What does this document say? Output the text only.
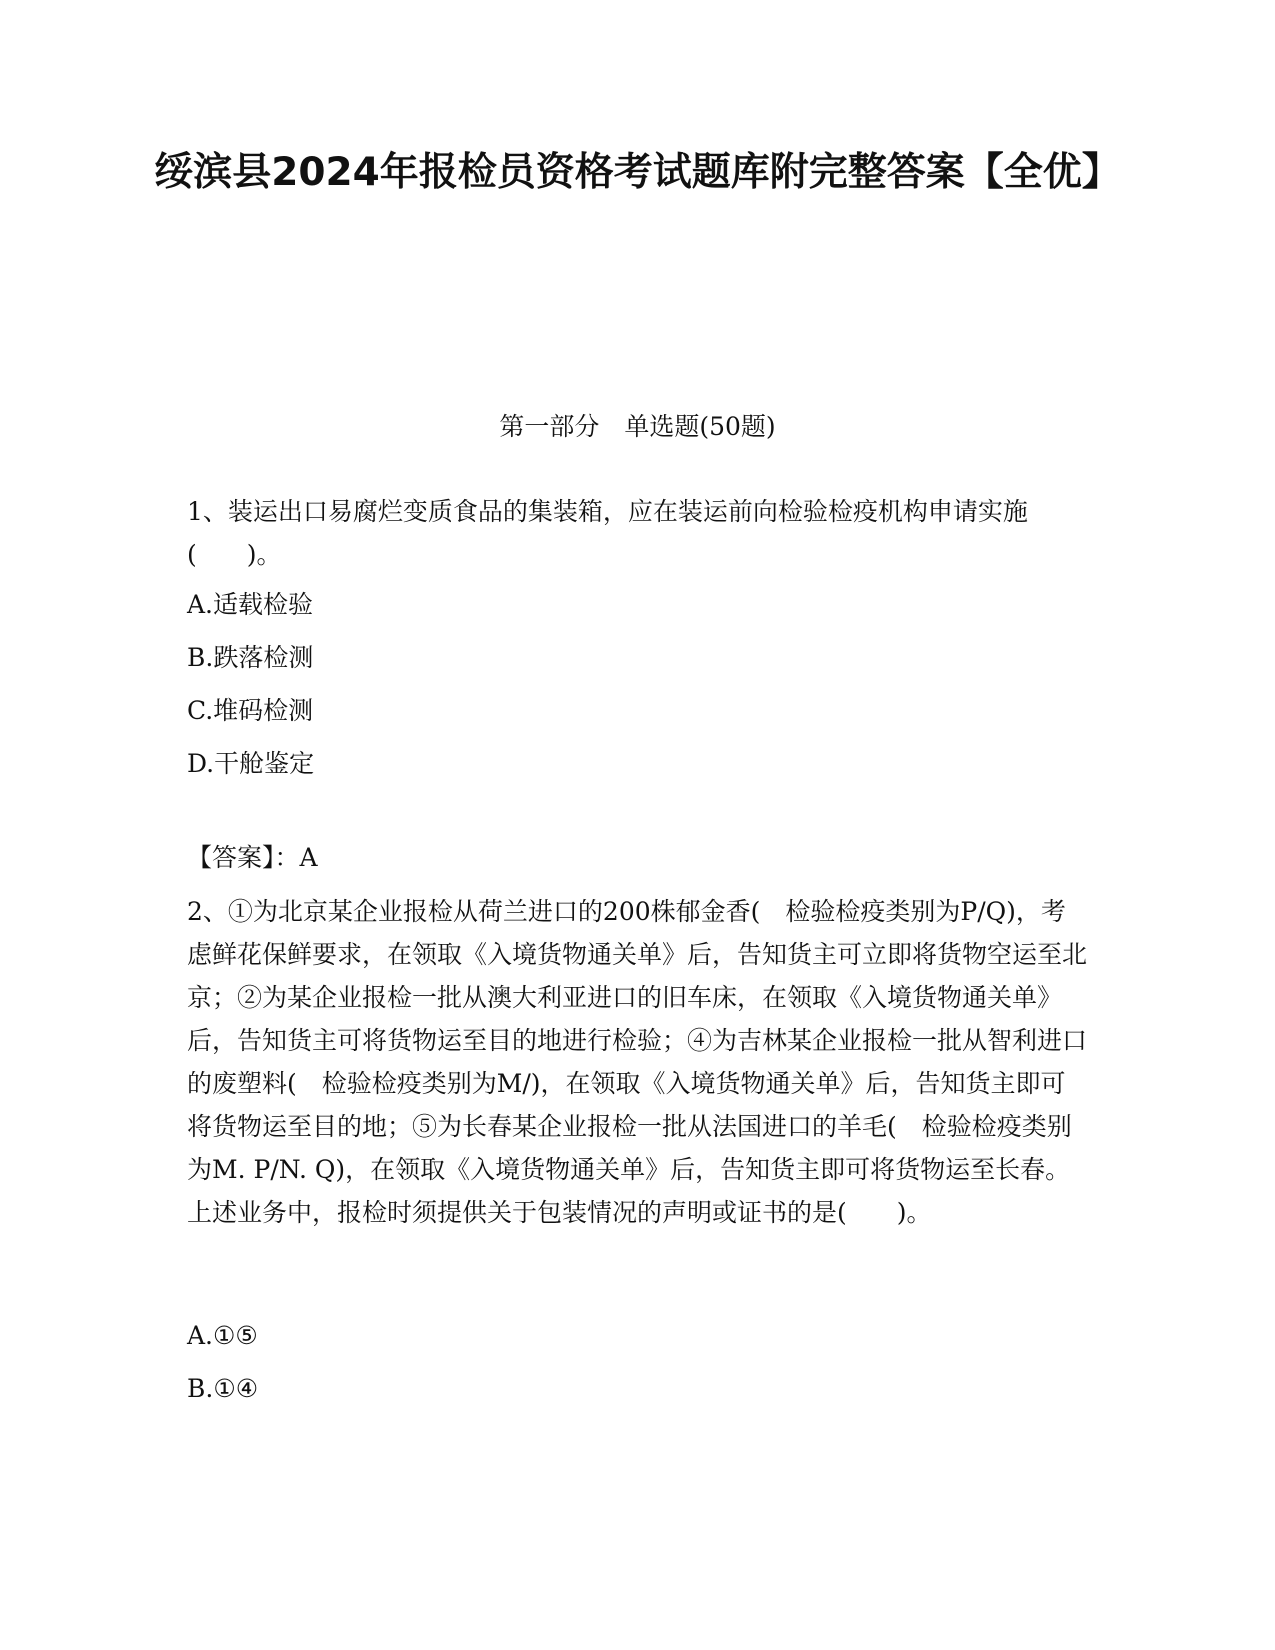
绥滨县2024年报检员资格考试题库附完整答案【全优】
第一部分　单选题(50题)

1、装运出口易腐烂变质食品的集装箱，应在装运前向检验检疫机构申请实施(　　)。

A.适载检验
B.跌落检测
C.堆码检测
D.干舱鉴定
【答案】：A

2、①为北京某企业报检从荷兰进口的200株郁金香(　检验检疫类别为P/Q)，考虑鲜花保鲜要求，在领取《入境货物通关单》后，告知货主可立即将货物空运至北京；②为某企业报检一批从澳大利亚进口的旧车床，在领取《入境货物通关单》后，告知货主可将货物运至目的地进行检验；④为吉林某企业报检一批从智利进口的废塑料(　检验检疫类别为M/)，在领取《入境货物通关单》后，告知货主即可将货物运至目的地；⑤为长春某企业报检一批从法国进口的羊毛(　检验检疫类别为M. P/N. Q)，在领取《入境货物通关单》后，告知货主即可将货物运至长春。上述业务中，报检时须提供关于包装情况的声明或证书的是(　　)。

A.①⑤
B.①④
